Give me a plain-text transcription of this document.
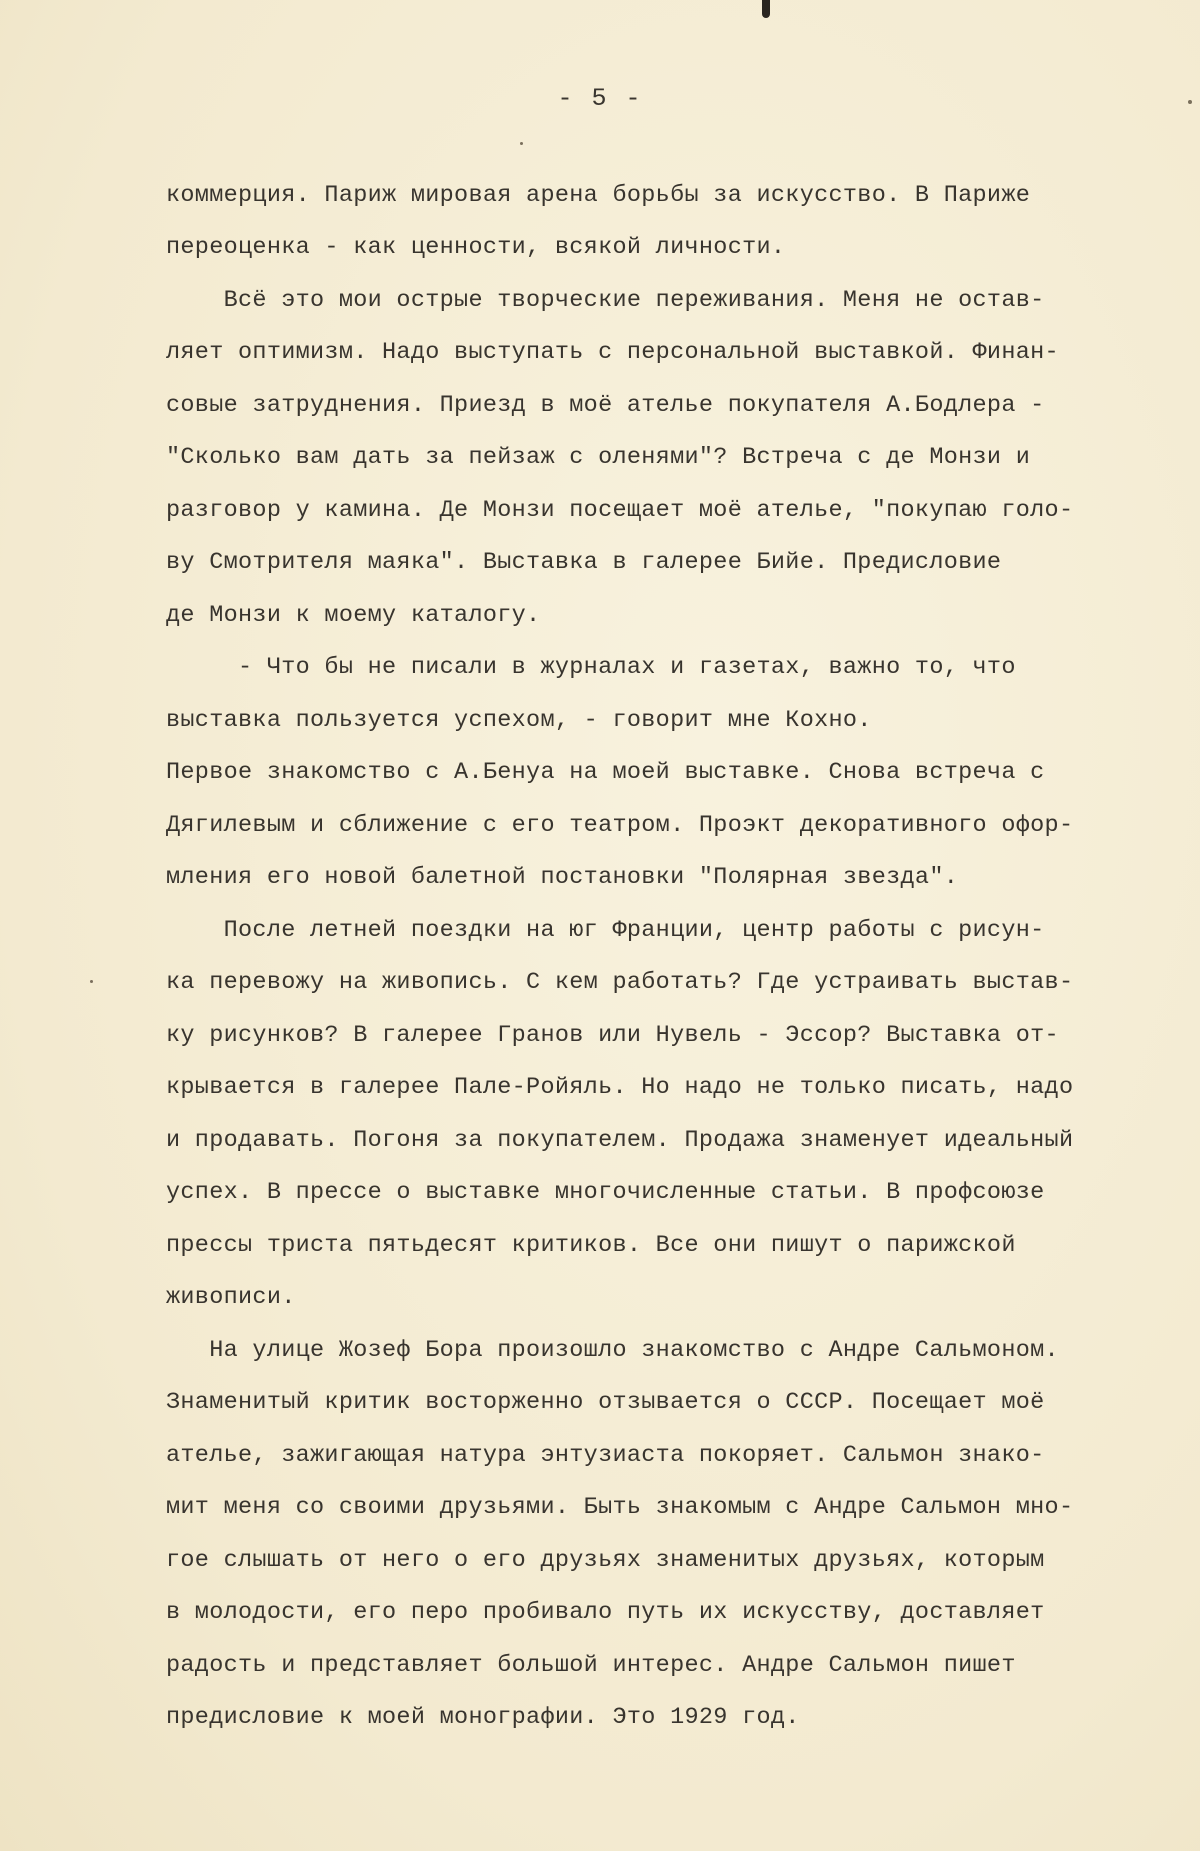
- 5 -
коммерция. Париж мировая арена борьбы за искусство. В Париже
переоценка - как ценности, всякой личности.
Всё это мои острые творческие переживания. Меня не остав-
ляет оптимизм. Надо выступать с персональной выставкой. Финан-
совые затруднения. Приезд в моё ателье покупателя А.Бодлера -
"Сколько вам дать за пейзаж с оленями"? Встреча с де Монзи и
разговор у камина. Де Монзи посещает моё ателье, "покупаю голо-
ву Смотрителя маяка". Выставка в галерее Бийе. Предисловие
де Монзи к моему каталогу.
- Что бы не писали в журналах и газетах, важно то, что
выставка пользуется успехом, - говорит мне Кохно.
Первое знакомство с А.Бенуа на моей выставке. Снова встреча с
Дягилевым и сближение с его театром. Проэкт декоративного офор-
мления его новой балетной постановки "Полярная звезда".
После летней поездки на юг Франции, центр работы с рисун-
ка перевожу на живопись. С кем работать? Где устраивать выстав-
ку рисунков? В галерее Гранов или Нувель - Эссор? Выставка от-
крывается в галерее Пале-Ройяль. Но надо не только писать, надо
и продавать. Погоня за покупателем. Продажа знаменует идеальный
успех. В прессе о выставке многочисленные статьи. В профсоюзе
прессы триста пятьдесят критиков. Все они пишут о парижской
живописи.
На улице Жозеф Бора произошло знакомство с Андре Сальмоном.
Знаменитый критик восторженно отзывается о СССР. Посещает моё
ателье, зажигающая натура энтузиаста покоряет. Сальмон знако-
мит меня со своими друзьями. Быть знакомым с Андре Сальмон мно-
гое слышать от него о его друзьях знаменитых друзьях, которым
в молодости, его перо пробивало путь их искусству, доставляет
радость и представляет большой интерес. Андре Сальмон пишет
предисловие к моей монографии. Это 1929 год.
